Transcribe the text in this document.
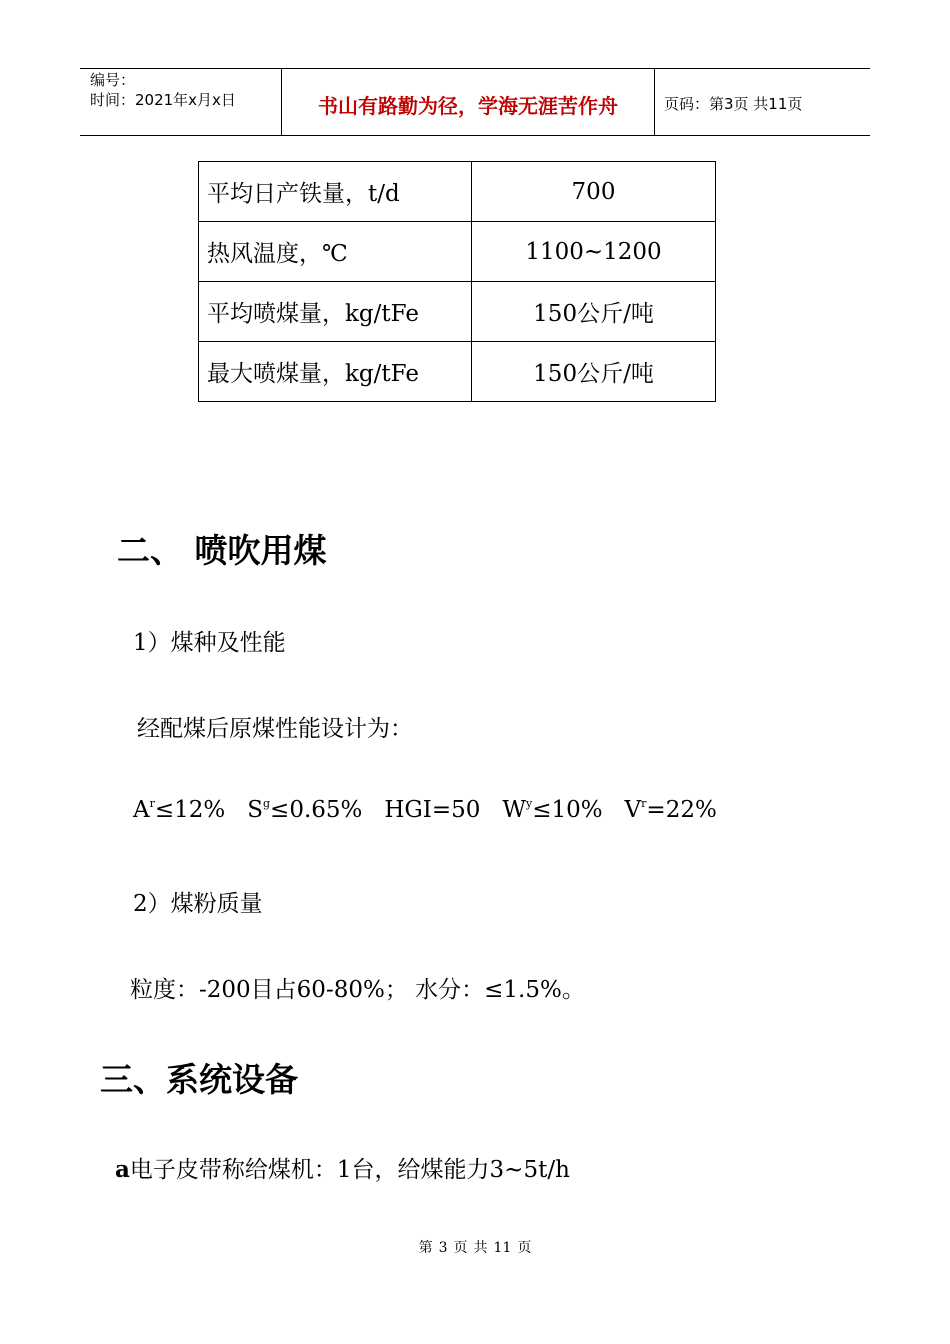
编号：
时间：2021年x月x日	书山有路勤为径，学海无涯苦作舟	页码：第3页 共11页
平均日产铁量，t/d	700
热风温度，℃	1100~1200
平均喷煤量，kg/tFe	150公斤/吨
最大喷煤量，kg/tFe	150公斤/吨
二、 喷吹用煤
1）煤种及性能
经配煤后原煤性能设计为：
$A^r\le 12\%$ $S^g\le 0.65\%$ HGI=50 $W^y\le 10\%$ $V^r=22\%$
2）煤粉质量
粒度：-200目占60-80%； 水分：≤1.5%。
三、系统设备
a电子皮带称给煤机：1台，给煤能力3~5t/h
第 3 页 共 11 页
